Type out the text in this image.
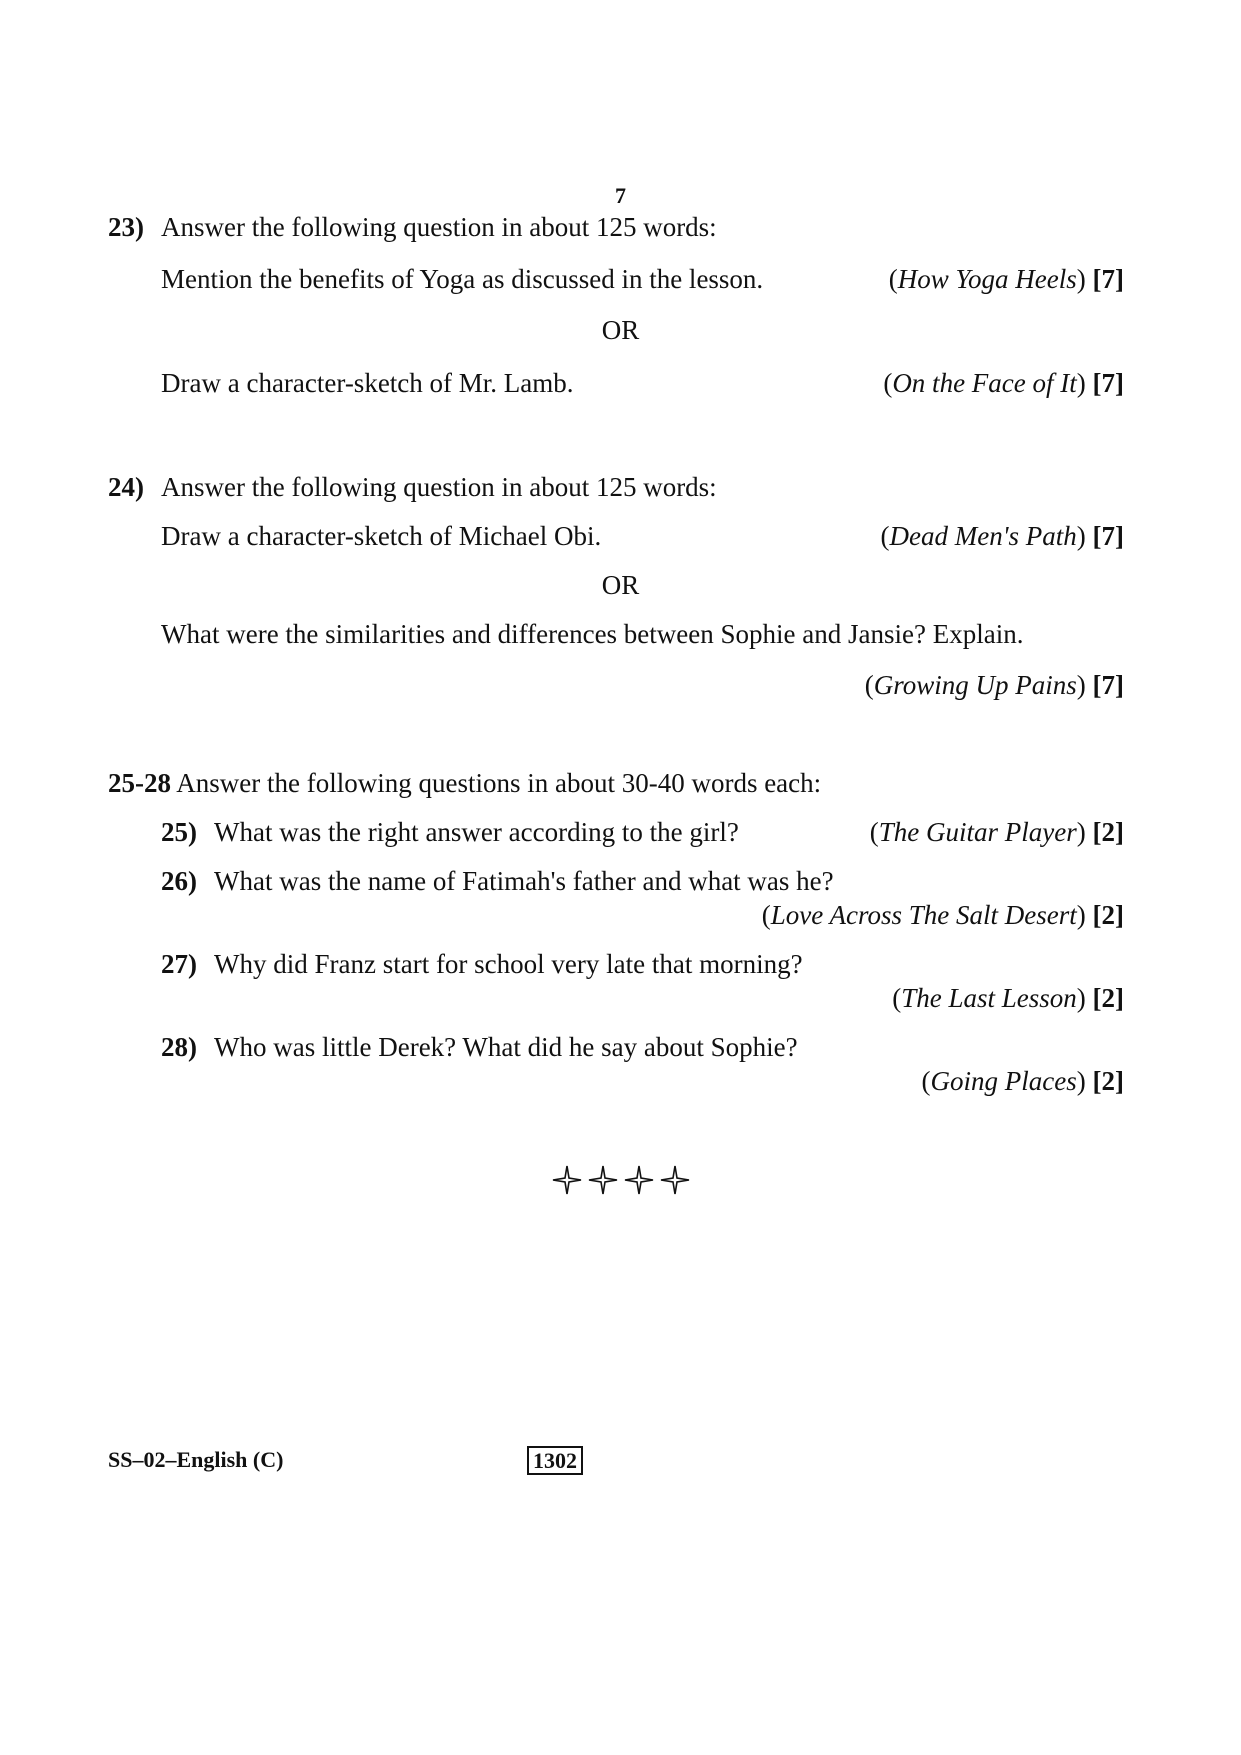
7
23) Answer the following question in about 125 words:
Mention the benefits of Yoga as discussed in the lesson.	(How Yoga Heels) [7]
OR
Draw a character-sketch of Mr. Lamb.	(On the Face of It) [7]
24) Answer the following question in about 125 words:
Draw a character-sketch of Michael Obi.	(Dead Men's Path) [7]
OR
What were the similarities and differences between Sophie and Jansie? Explain.
(Growing Up Pains) [7]
25-28 Answer the following questions in about 30-40 words each:
25) What was the right answer according to the girl?	(The Guitar Player) [2]
26) What was the name of Fatimah's father and what was he?
(Love Across The Salt Desert) [2]
27) Why did Franz start for school very late that morning?
(The Last Lesson) [2]
28) Who was little Derek? What did he say about Sophie?
(Going Places) [2]
SS–02–English (C)	1302
